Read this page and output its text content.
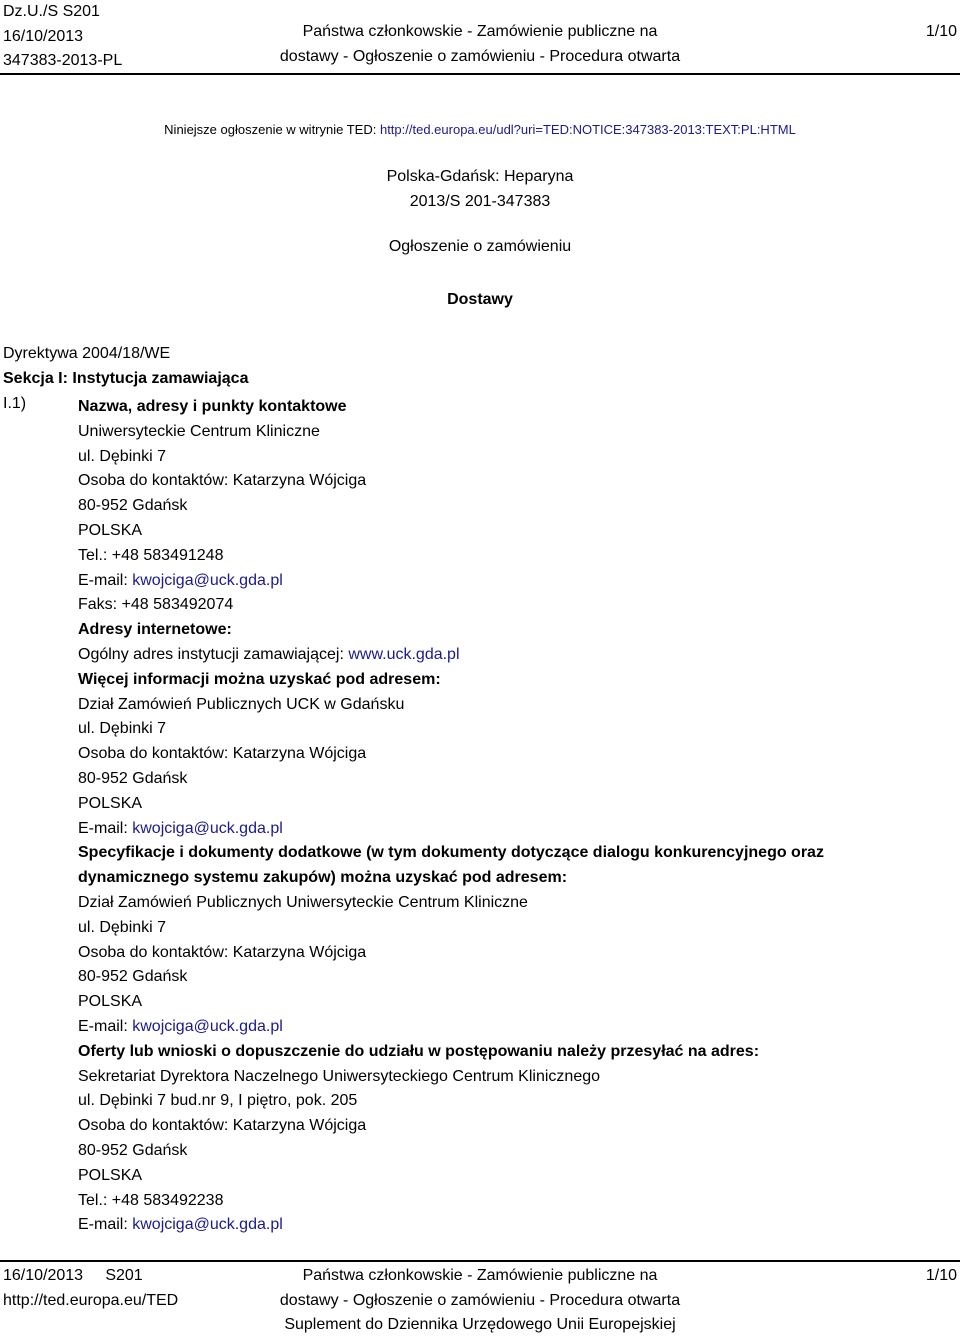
Dz.U./S S201
16/10/2013
347383-2013-PL
Państwa członkowskie - Zamówienie publiczne na
dostawy - Ogłoszenie o zamówieniu - Procedura otwarta
1/10
Niniejsze ogłoszenie w witrynie TED: http://ted.europa.eu/udl?uri=TED:NOTICE:347383-2013:TEXT:PL:HTML
Polska-Gdańsk: Heparyna
2013/S 201-347383
Ogłoszenie o zamówieniu
Dostawy
Dyrektywa 2004/18/WE
Sekcja I: Instytucja zamawiająca
I.1)	Nazwa, adresy i punkty kontaktowe
Uniwersyteckie Centrum Kliniczne
ul. Dębinki 7
Osoba do kontaktów: Katarzyna Wójciga
80-952 Gdańsk
POLSKA
Tel.: +48 583491248
E-mail: kwojciga@uck.gda.pl
Faks: +48 583492074
Adresy internetowe:
Ogólny adres instytucji zamawiającej: www.uck.gda.pl
Więcej informacji można uzyskać pod adresem:
Dział Zamówień Publicznych UCK w Gdańsku
ul. Dębinki 7
Osoba do kontaktów: Katarzyna Wójciga
80-952 Gdańsk
POLSKA
E-mail: kwojciga@uck.gda.pl
Specyfikacje i dokumenty dodatkowe (w tym dokumenty dotyczące dialogu konkurencyjnego oraz dynamicznego systemu zakupów) można uzyskać pod adresem:
Dział Zamówień Publicznych Uniwersyteckie Centrum Kliniczne
ul. Dębinki 7
Osoba do kontaktów: Katarzyna Wójciga
80-952 Gdańsk
POLSKA
E-mail: kwojciga@uck.gda.pl
Oferty lub wnioski o dopuszczenie do udziału w postępowaniu należy przesyłać na adres:
Sekretariat Dyrektora Naczelnego Uniwersyteckiego Centrum Klinicznego
ul. Dębinki 7 bud.nr 9, I piętro, pok. 205
Osoba do kontaktów: Katarzyna Wójciga
80-952 Gdańsk
POLSKA
Tel.: +48 583492238
E-mail: kwojciga@uck.gda.pl
16/10/2013 S201
http://ted.europa.eu/TED
Państwa członkowskie - Zamówienie publiczne na
dostawy - Ogłoszenie o zamówieniu - Procedura otwarta
Suplement do Dziennika Urzędowego Unii Europejskiej
1/10
